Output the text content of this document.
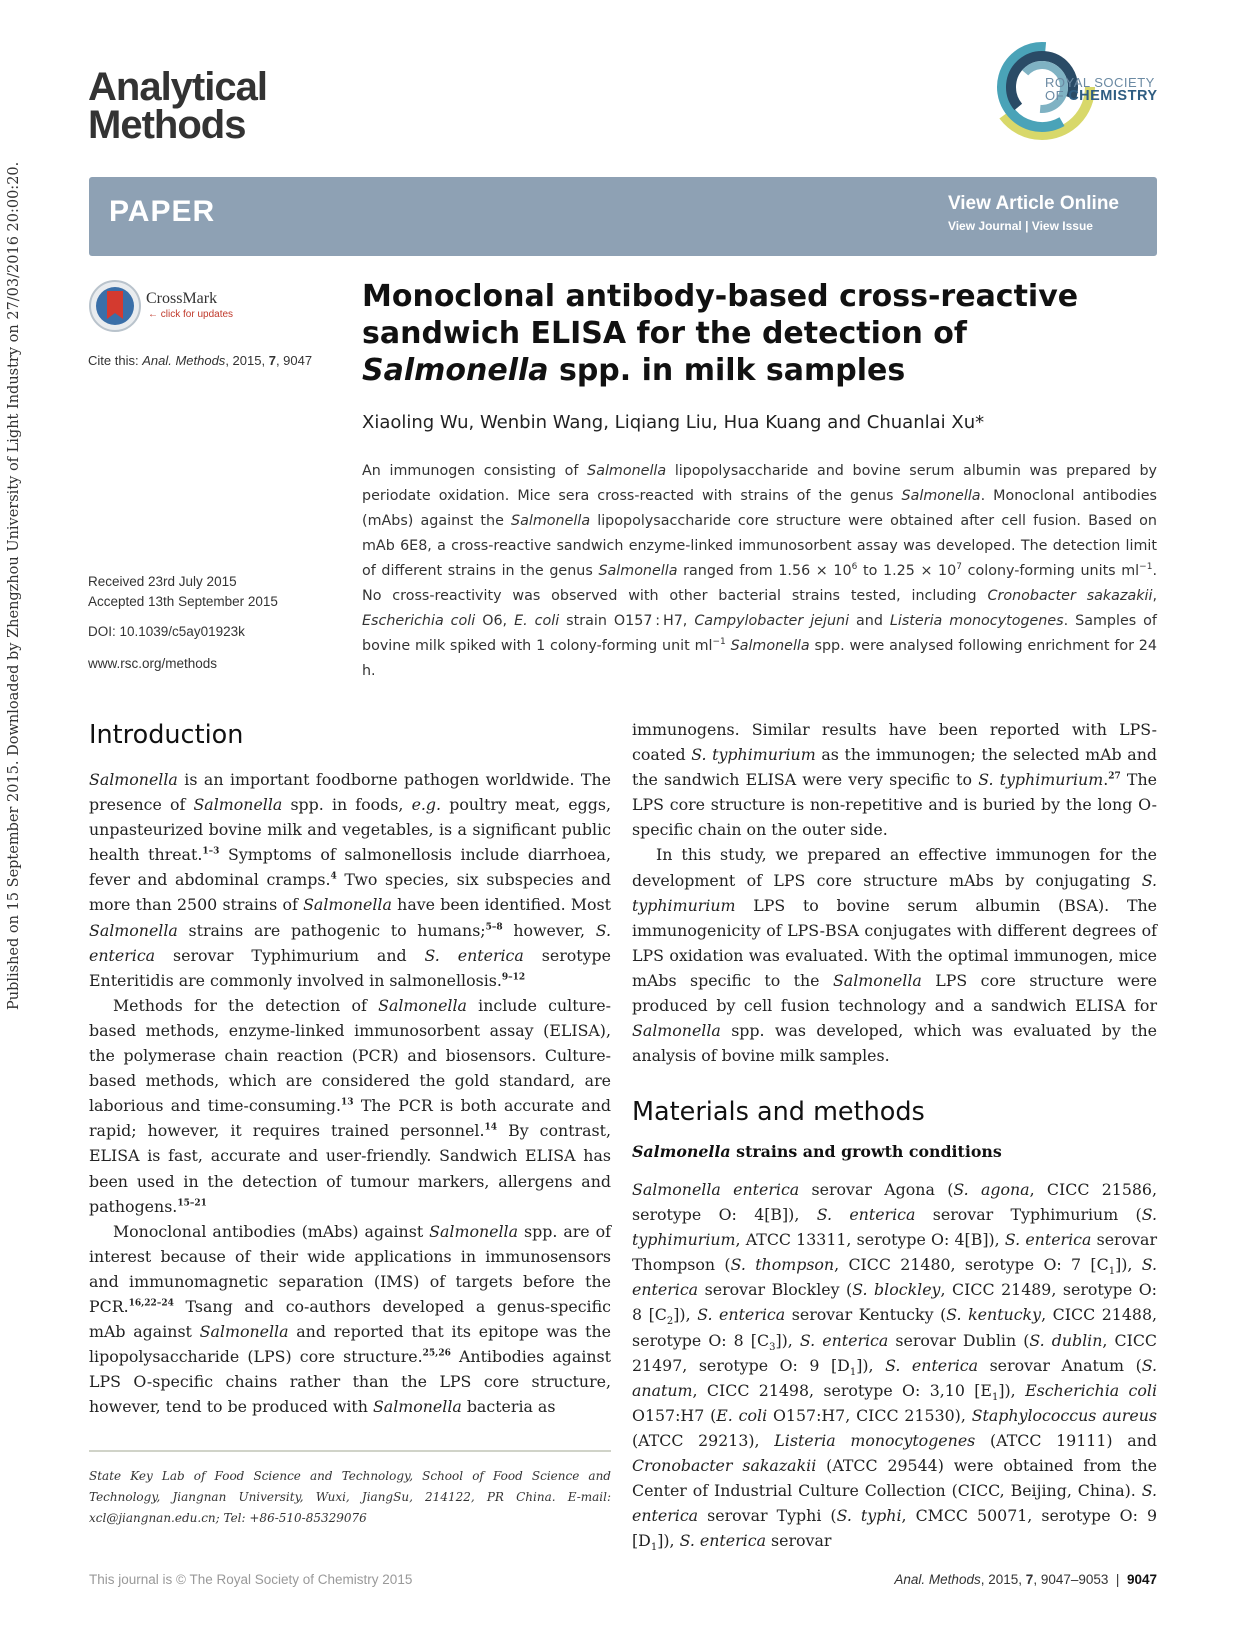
Published on 15 September 2015. Downloaded by Zhengzhou University of Light Industry on 27/03/2016 20:00:20.
Analytical
Methods
ROYAL SOCIETY
OF CHEMISTRY
PAPER	View Article Online
View Journal | View Issue
CrossMark
← click for updates
Cite this: Anal. Methods, 2015, 7, 9047
Received 23rd July 2015
Accepted 13th September 2015
DOI: 10.1039/c5ay01923k
www.rsc.org/methods
Monoclonal antibody-based cross-reactive sandwich ELISA for the detection of Salmonella spp. in milk samples
Xiaoling Wu, Wenbin Wang, Liqiang Liu, Hua Kuang and Chuanlai Xu*
An immunogen consisting of Salmonella lipopolysaccharide and bovine serum albumin was prepared by periodate oxidation. Mice sera cross-reacted with strains of the genus Salmonella. Monoclonal antibodies (mAbs) against the Salmonella lipopolysaccharide core structure were obtained after cell fusion. Based on mAb 6E8, a cross-reactive sandwich enzyme-linked immunosorbent assay was developed. The detection limit of different strains in the genus Salmonella ranged from $1.56 \times 10^6$ to $1.25 \times 10^7$ colony-forming units $ml^{-1}$. No cross-reactivity was observed with other bacterial strains tested, including Cronobacter sakazakii, Escherichia coli O6, E. coli strain O157 : H7, Campylobacter jejuni and Listeria monocytogenes. Samples of bovine milk spiked with 1 colony-forming unit $ml^{-1}$ Salmonella spp. were analysed following enrichment for 24 h.
Introduction

Salmonella is an important foodborne pathogen worldwide. The presence of Salmonella spp. in foods, e.g. poultry meat, eggs, unpasteurized bovine milk and vegetables, is a significant public health threat.$^{1-3}$ Symptoms of salmonellosis include diarrhoea, fever and abdominal cramps.$^4$ Two species, six subspecies and more than 2500 strains of Salmonella have been identified. Most Salmonella strains are pathogenic to humans;$^{5-8}$ however, S. enterica serovar Typhimurium and S. enterica serotype Enteritidis are commonly involved in salmonellosis.$^{9-12}$

Methods for the detection of Salmonella include culture-based methods, enzyme-linked immunosorbent assay (ELISA), the polymerase chain reaction (PCR) and biosensors. Culture-based methods, which are considered the gold standard, are laborious and time-consuming.$^{13}$ The PCR is both accurate and rapid; however, it requires trained personnel.$^{14}$ By contrast, ELISA is fast, accurate and user-friendly. Sandwich ELISA has been used in the detection of tumour markers, allergens and pathogens.$^{15-21}$

Monoclonal antibodies (mAbs) against Salmonella spp. are of interest because of their wide applications in immunosensors and immunomagnetic separation (IMS) of targets before the PCR.$^{16,22-24}$ Tsang and co-authors developed a genus-specific mAb against Salmonella and reported that its epitope was the lipopolysaccharide (LPS) core structure.$^{25,26}$ Antibodies against LPS O-specific chains rather than the LPS core structure, however, tend to be produced with Salmonella bacteria as

immunogens. Similar results have been reported with LPS-coated S. typhimurium as the immunogen; the selected mAb and the sandwich ELISA were very specific to S. typhimurium.$^{27}$ The LPS core structure is non-repetitive and is buried by the long O-specific chain on the outer side.

In this study, we prepared an effective immunogen for the development of LPS core structure mAbs by conjugating S. typhimurium LPS to bovine serum albumin (BSA). The immunogenicity of LPS-BSA conjugates with different degrees of LPS oxidation was evaluated. With the optimal immunogen, mice mAbs specific to the Salmonella LPS core structure were produced by cell fusion technology and a sandwich ELISA for Salmonella spp. was developed, which was evaluated by the analysis of bovine milk samples.

Materials and methods
Salmonella strains and growth conditions

Salmonella enterica serovar Agona (S. agona, CICC 21586, serotype O: 4[B]), S. enterica serovar Typhimurium (S. typhimurium, ATCC 13311, serotype O: 4[B]), S. enterica serovar Thompson (S. thompson, CICC 21480, serotype O: 7 $[C_1]$), S. enterica serovar Blockley (S. blockley, CICC 21489, serotype O: 8 $[C_2]$), S. enterica serovar Kentucky (S. kentucky, CICC 21488, serotype O: 8 $[C_3]$), S. enterica serovar Dublin (S. dublin, CICC 21497, serotype O: 9 $[D_1]$), S. enterica serovar Anatum (S. anatum, CICC 21498, serotype O: 3,10 $[E_1]$), Escherichia coli O157:H7 (E. coli O157:H7, CICC 21530), Staphylococcus aureus (ATCC 29213), Listeria monocytogenes (ATCC 19111) and Cronobacter sakazakii (ATCC 29544) were obtained from the Center of Industrial Culture Collection (CICC, Beijing, China). S. enterica serovar Typhi (S. typhi, CMCC 50071, serotype O: 9 $[D_1]$), S. enterica serovar

State Key Lab of Food Science and Technology, School of Food Science and Technology, Jiangnan University, Wuxi, JiangSu, 214122, PR China. E-mail: xcl@jiangnan.edu.cn; Tel: +86-510-85329076
This journal is © The Royal Society of Chemistry 2015	Anal. Methods, 2015, 7, 9047–9053 | 9047
